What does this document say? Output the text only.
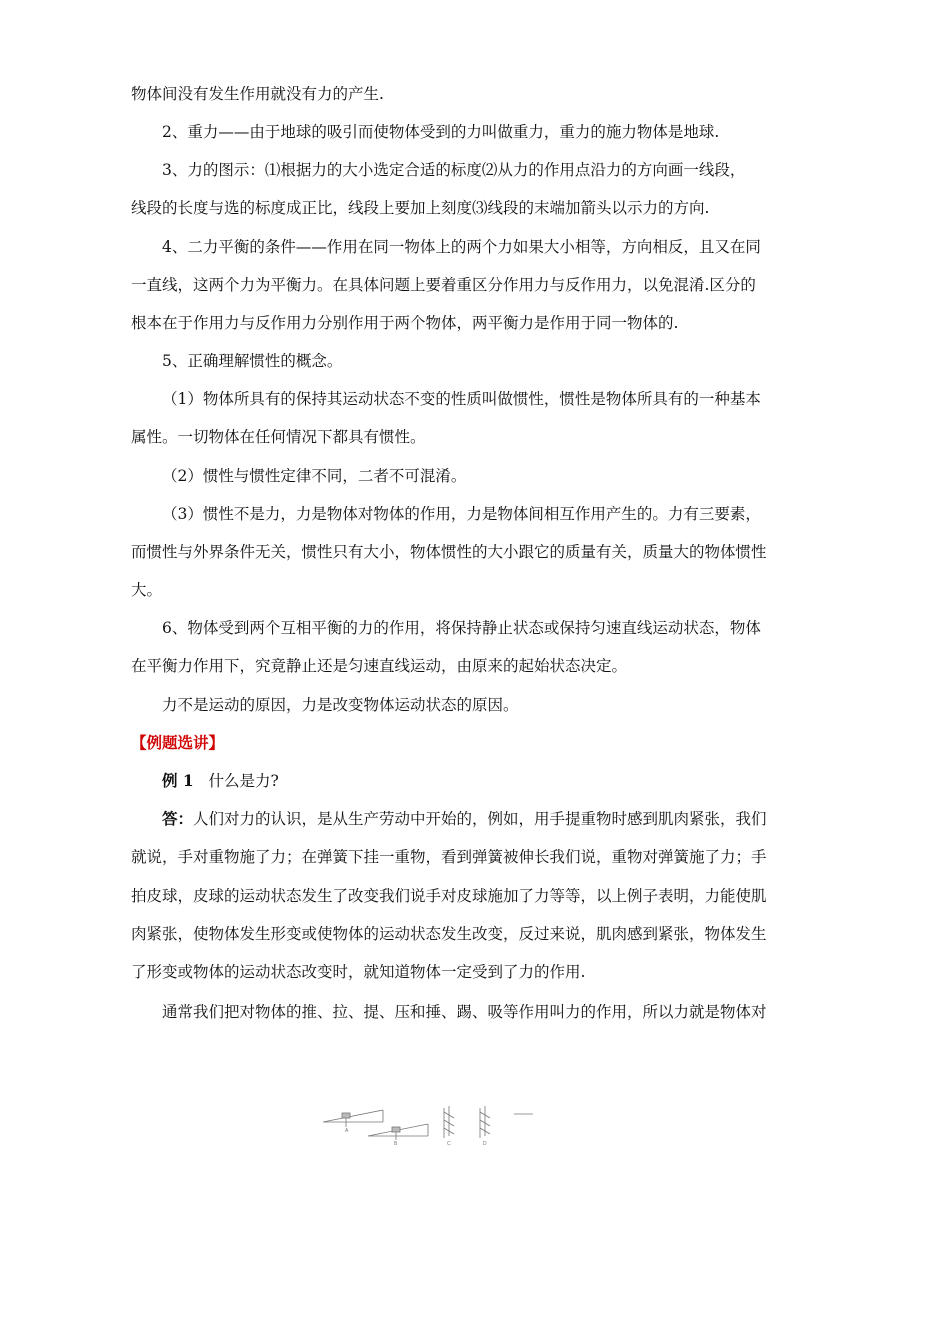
物体间没有发生作用就没有力的产生.
2、重力——由于地球的吸引而使物体受到的力叫做重力，重力的施力物体是地球.
3、力的图示：⑴根据力的大小选定合适的标度⑵从力的作用点沿力的方向画一线段，
线段的长度与选的标度成正比，线段上要加上刻度⑶线段的末端加箭头以示力的方向.
4、二力平衡的条件——作用在同一物体上的两个力如果大小相等，方向相反，且又在同
一直线，这两个力为平衡力。在具体问题上要着重区分作用力与反作用力，以免混淆.区分的
根本在于作用力与反作用力分别作用于两个物体，两平衡力是作用于同一物体的.
5、正确理解惯性的概念。
（1）物体所具有的保持其运动状态不变的性质叫做惯性，惯性是物体所具有的一种基本
属性。一切物体在任何情况下都具有惯性。
（2）惯性与惯性定律不同，二者不可混淆。
（3）惯性不是力，力是物体对物体的作用，力是物体间相互作用产生的。力有三要素，
而惯性与外界条件无关，惯性只有大小，物体惯性的大小跟它的质量有关，质量大的物体惯性
大。
6、物体受到两个互相平衡的力的作用，将保持静止状态或保持匀速直线运动状态，物体
在平衡力作用下，究竟静止还是匀速直线运动，由原来的起始状态决定。
力不是运动的原因，力是改变物体运动状态的原因。
【例题选讲】
例 1 什么是力?
答：人们对力的认识，是从生产劳动中开始的，例如，用手提重物时感到肌肉紧张，我们
就说，手对重物施了力；在弹簧下挂一重物，看到弹簧被伸长我们说，重物对弹簧施了力；手
拍皮球，皮球的运动状态发生了改变我们说手对皮球施加了力等等，以上例子表明，力能使肌
肉紧张，使物体发生形变或使物体的运动状态发生改变，反过来说，肌肉感到紧张，物体发生
了形变或物体的运动状态改变时，就知道物体一定受到了力的作用.
通常我们把对物体的推、拉、提、压和捶、踢、吸等作用叫力的作用，所以力就是物体对
A
B	C	D
